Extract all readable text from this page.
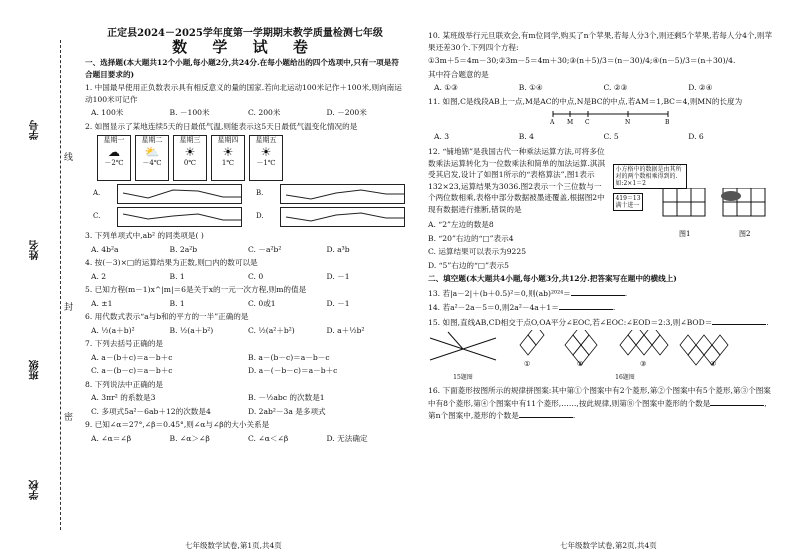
学号
姓名
班级
学校
线
封
密
正定县2024－2025学年度第一学期期末教学质量检测七年级
数 学 试 卷
一、选择题(本大题共12个小题,每小题2分,共24分.在每小题给出的四个选项中,只有一项是符合题目要求的)
1. 中国最早使用正负数表示具有相反意义的量的国家.若向北运动100米记作＋100米,则向南运动100米可记作
A. 100米	B. －100米	C. 200米	D. －200米
2. 如图显示了某地连续5天的日最低气温,则能表示这5天日最低气温变化情况的是
星期一
☁
－2℃
星期二
⛅
－4℃
星期三
☀
0℃
星期四
☀
1℃
星期五
☀
－1℃
A.	B.
C.	D.
3. 下列单项式中,ab² 的同类项是( )
A. 4b²a	B. 2a²b	C. －a²b²	D. a³b
4. 按(－3)×□的运算结果为正数,则□内的数可以是
A. 2	B. 1	C. 0	D. －1
5. 已知方程(m－1)x^|m|＝6是关于x的一元一次方程,则m的值是
A. ±1	B. 1	C. 0或1	D. －1
6. 用代数式表示“a与b和的平方的一半”正确的是
A. ½(a＋b)²	B. ½(a＋b²)	C. ½(a²＋b²)	D. a＋½b²
7. 下列去括号正确的是
A. a－(b＋c)＝a－b＋c	B. a－(b－c)＝a－b－c
C. a－(b－c)＝a－b＋c	D. a－(－b－c)＝a－b＋c
8. 下列说法中正确的是
A. 3πr² 的系数是3	B. －½abc 的次数是1
C. 多项式5a²－6ab＋12的次数是4	D. 2ab²－3a 是多项式
9. 已知∠α＝27°,∠β＝0.45°,则∠α与∠β的大小关系是
A. ∠α＝∠β	B. ∠α＞∠β	C. ∠α＜∠β	D. 无法确定
七年级数学试卷,第1页,共4页
10. 某班级举行元旦联欢会,有m位同学,购买了n个苹果,若每人分3个,则还剩5个苹果,若每人分4个,则苹果还差30个.下列四个方程:
①3m＋5＝4m－30;②3m－5＝4m＋30;③(n＋5)/3＝(n－30)/4;④(n－5)/3＝(n＋30)/4.
其中符合题意的是
A. ①③	B. ①④	C. ②③	D. ②④
11. 如图,C是线段AB上一点,M是AC的中点,N是BC的中点,若AM＝1,BC＝4,则MN的长度为
A M C	N	B
A. 3	B. 4	C. 5	D. 6
12. “铺地锦”是我国古代一种乘法运算方法,可将多位数乘法运算转化为一位数乘法和简单的加法运算.淇淇受其启发,设计了如图1所示的“表格算法”,图1表示132×23,运算结果为3036.图2表示一个三位数与一个两位数相乘,表格中部分数据被墨迹覆盖,根据图2中现有数据进行推断,错误的是
小方格中的数据是由其所对的两个数相乘得到的.如:2×1＝2
419＝13满十进一
图1	图2
A. “2”左边的数是8
B. “20”右边的“□”表示4
C. 运算结果可以表示为9225
D. “5”右边的“□”表示5
二、填空题(本大题共4小题,每小题3分,共12分.把答案写在题中的横线上)
13. 若|a－2|＋(b＋0.5)²＝0,则(ab)²⁰²⁴＝	.
14. 若a²－2a－5＝0,则2a²－4a＋1＝	.
15. 如图,直线AB,CD相交于点O,OA平分∠EOC,若∠EOC:∠EOD＝2:3,则∠BOD＝	.
15题图
①	②	③	④
16题图
16. 下面菱形按图所示的规律拼图案:其中第①个图案中有2个菱形,第②个图案中有5个菱形,第③个图案中有8个菱形,第④个图案中有11个菱形,……,按此规律,则第⑧个图案中菱形的个数是	,第n个图案中,菱形的个数是	.
七年级数学试卷,第2页,共4页
